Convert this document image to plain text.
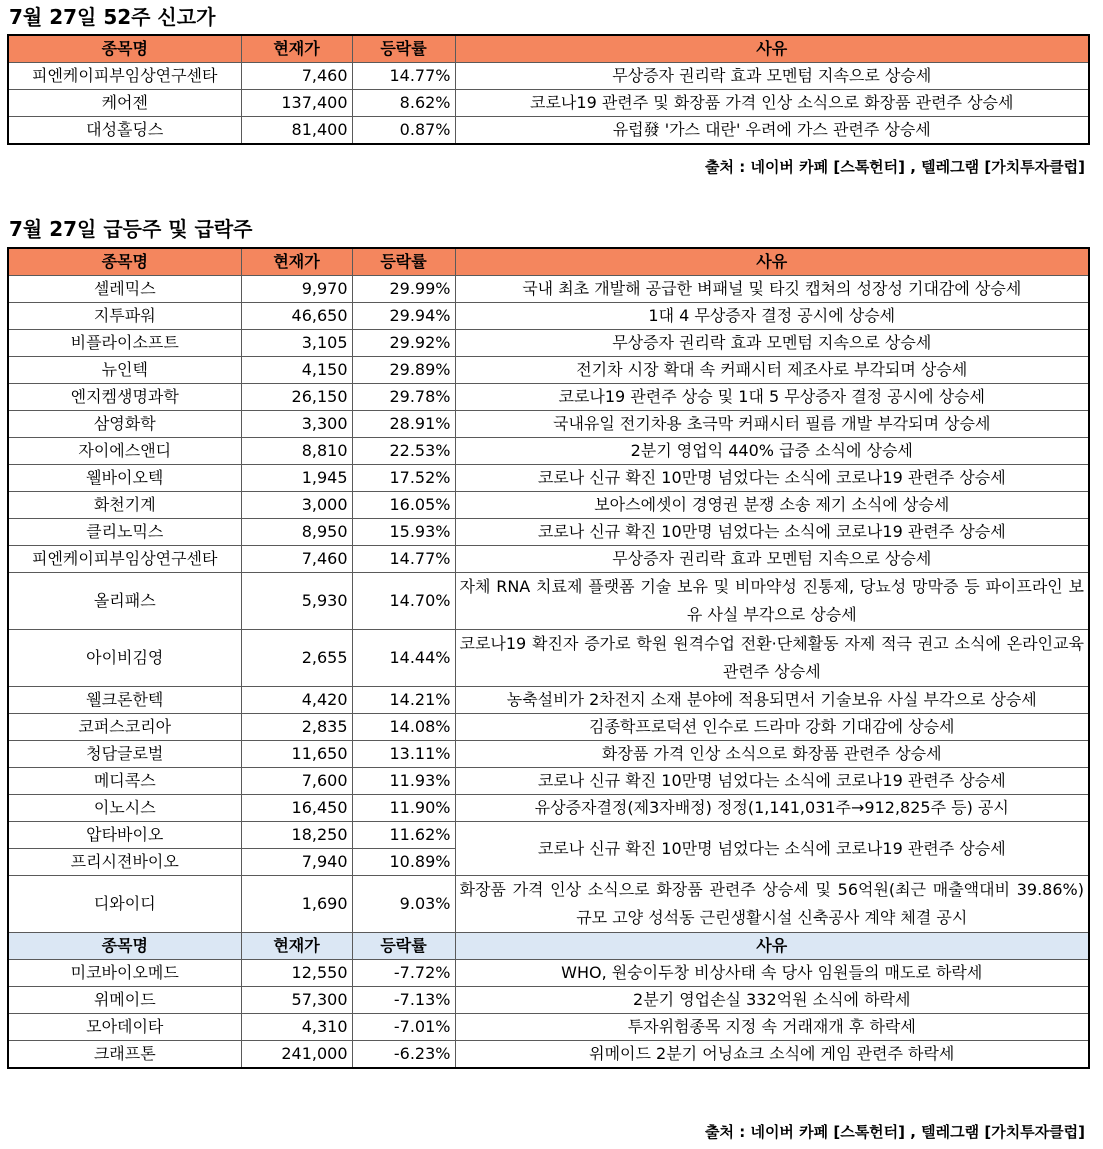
7월 27일 52주 신고가
종목명	현재가	등락률	사유
피엔케이피부임상연구센타	7,460	14.77%	무상증자 권리락 효과 모멘텀 지속으로 상승세
케어젠	137,400	8.62%	코로나19 관련주 및 화장품 가격 인상 소식으로 화장품 관련주 상승세
대성홀딩스	81,400	0.87%	유럽發 '가스 대란' 우려에 가스 관련주 상승세
출처 : 네이버 카페 [스톡헌터] , 텔레그램 [가치투자클럽]
7월 27일 급등주 및 급락주
종목명	현재가	등락률	사유
셀레믹스	9,970	29.99%	국내 최초 개발해 공급한 벼패널 및 타깃 캡쳐의 성장성 기대감에 상승세
지투파워	46,650	29.94%	1대 4 무상증자 결정 공시에 상승세
비플라이소프트	3,105	29.92%	무상증자 권리락 효과 모멘텀 지속으로 상승세
뉴인텍	4,150	29.89%	전기차 시장 확대 속 커패시터 제조사로 부각되며 상승세
엔지켐생명과학	26,150	29.78%	코로나19 관련주 상승 및 1대 5 무상증자 결정 공시에 상승세
삼영화학	3,300	28.91%	국내유일 전기차용 초극막 커패시터 필름 개발 부각되며 상승세
자이에스앤디	8,810	22.53%	2분기 영업익 440% 급증 소식에 상승세
웰바이오텍	1,945	17.52%	코로나 신규 확진 10만명 넘었다는 소식에 코로나19 관련주 상승세
화천기계	3,000	16.05%	보아스에셋이 경영권 분쟁 소송 제기 소식에 상승세
클리노믹스	8,950	15.93%	코로나 신규 확진 10만명 넘었다는 소식에 코로나19 관련주 상승세
피엔케이피부임상연구센타	7,460	14.77%	무상증자 권리락 효과 모멘텀 지속으로 상승세
올리패스	5,930	14.70%	자체 RNA 치료제 플랫폼 기술 보유 및 비마약성 진통제, 당뇨성 망막증 등 파이프라인 보유 사실 부각으로 상승세

아이비김영	2,655	14.44%	코로나19 확진자 증가로 학원 원격수업 전환·단체활동 자제 적극 권고 소식에 온라인교육 관련주 상승세

웰크론한텍	4,420	14.21%	농축설비가 2차전지 소재 분야에 적용되면서 기술보유 사실 부각으로 상승세
코퍼스코리아	2,835	14.08%	김종학프로덕션 인수로 드라마 강화 기대감에 상승세
청담글로벌	11,650	13.11%	화장품 가격 인상 소식으로 화장품 관련주 상승세
메디콕스	7,600	11.93%	코로나 신규 확진 10만명 넘었다는 소식에 코로나19 관련주 상승세
이노시스	16,450	11.90%	유상증자결정(제3자배정) 정정(1,141,031주→912,825주 등) 공시
압타바이오	18,250	11.62%	코로나 신규 확진 10만명 넘었다는 소식에 코로나19 관련주 상승세
프리시젼바이오	7,940	10.89%	
디와이디	1,690	9.03%	화장품 가격 인상 소식으로 화장품 관련주 상승세 및 56억원(최근 매출액대비 39.86%) 규모 고양 성석동 근린생활시설 신축공사 계약 체결 공시

종목명	현재가	등락률	사유
미코바이오메드	12,550	-7.72%	WHO, 원숭이두창 비상사태 속 당사 임원들의 매도로 하락세
위메이드	57,300	-7.13%	2분기 영업손실 332억원 소식에 하락세
모아데이타	4,310	-7.01%	투자위험종목 지정 속 거래재개 후 하락세
크래프톤	241,000	-6.23%	위메이드 2분기 어닝쇼크 소식에 게임 관련주 하락세
출처 : 네이버 카페 [스톡헌터] , 텔레그램 [가치투자클럽]
